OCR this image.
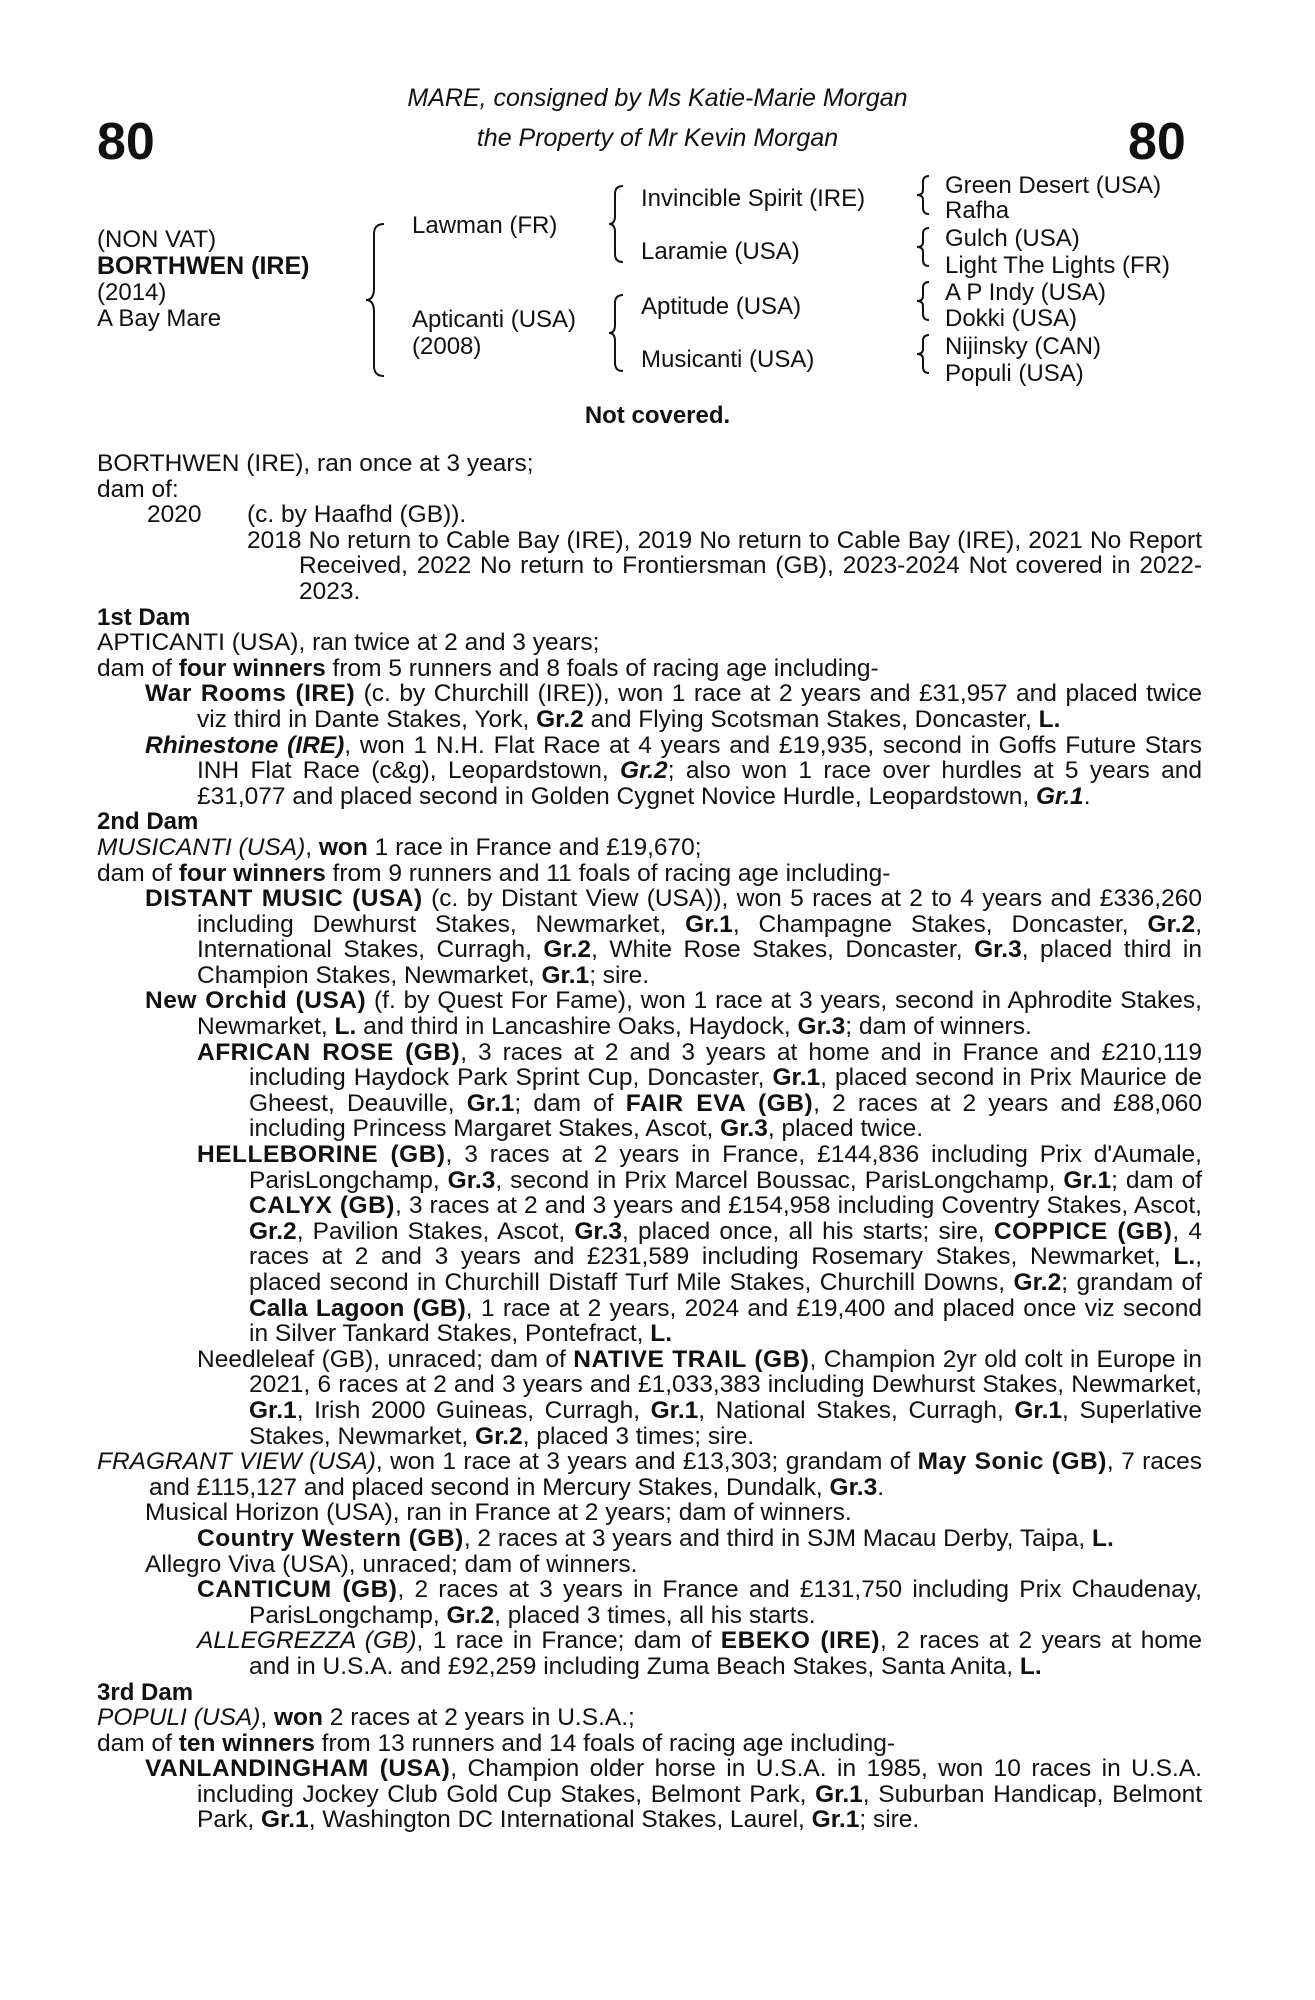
80	80
MARE, consigned by Ms Katie-Marie Morgan
the Property of Mr Kevin Morgan
(NON VAT)
BORTHWEN (IRE)
(2014)
A Bay Mare
Lawman (FR)
Apticanti (USA)
(2008)
Invincible Spirit (IRE)
Laramie (USA)
Aptitude (USA)
Musicanti (USA)
Green Desert (USA)
Rafha
Gulch (USA)
Light The Lights (FR)
A P Indy (USA)
Dokki (USA)
Nijinsky (CAN)
Populi (USA)
Not covered.

BORTHWEN (IRE), ran once at 3 years;

dam of:

2020	(c. by Haafhd (GB)).

2018 No return to Cable Bay (IRE), 2019 No return to Cable Bay (IRE), 2021 No Report Received, 2022 No return to Frontiersman (GB), 2023-2024 Not covered in 2022-2023.

1st Dam

APTICANTI (USA), ran twice at 2 and 3 years;

dam of four winners from 5 runners and 8 foals of racing age including-

War Rooms (IRE) (c. by Churchill (IRE)), won 1 race at 2 years and £31,957 and placed twice viz third in Dante Stakes, York, Gr.2 and Flying Scotsman Stakes, Doncaster, L.

Rhinestone (IRE), won 1 N.H. Flat Race at 4 years and £19,935, second in Goffs Future Stars INH Flat Race (c&g), Leopardstown, Gr.2; also won 1 race over hurdles at 5 years and £31,077 and placed second in Golden Cygnet Novice Hurdle, Leopardstown, Gr.1.

2nd Dam

MUSICANTI (USA), won 1 race in France and £19,670;

dam of four winners from 9 runners and 11 foals of racing age including-

DISTANT MUSIC (USA) (c. by Distant View (USA)), won 5 races at 2 to 4 years and £336,260 including Dewhurst Stakes, Newmarket, Gr.1, Champagne Stakes, Doncaster, Gr.2, International Stakes, Curragh, Gr.2, White Rose Stakes, Doncaster, Gr.3, placed third in Champion Stakes, Newmarket, Gr.1; sire.

New Orchid (USA) (f. by Quest For Fame), won 1 race at 3 years, second in Aphrodite Stakes, Newmarket, L. and third in Lancashire Oaks, Haydock, Gr.3; dam of winners.

AFRICAN ROSE (GB), 3 races at 2 and 3 years at home and in France and £210,119 including Haydock Park Sprint Cup, Doncaster, Gr.1, placed second in Prix Maurice de Gheest, Deauville, Gr.1; dam of FAIR EVA (GB), 2 races at 2 years and £88,060 including Princess Margaret Stakes, Ascot, Gr.3, placed twice.

HELLEBORINE (GB), 3 races at 2 years in France, £144,836 including Prix d'Aumale, ParisLongchamp, Gr.3, second in Prix Marcel Boussac, ParisLongchamp, Gr.1; dam of CALYX (GB), 3 races at 2 and 3 years and £154,958 including Coventry Stakes, Ascot, Gr.2, Pavilion Stakes, Ascot, Gr.3, placed once, all his starts; sire, COPPICE (GB), 4 races at 2 and 3 years and £231,589 including Rosemary Stakes, Newmarket, L., placed second in Churchill Distaff Turf Mile Stakes, Churchill Downs, Gr.2; grandam of Calla Lagoon (GB), 1 race at 2 years, 2024 and £19,400 and placed once viz second in Silver Tankard Stakes, Pontefract, L.

Needleleaf (GB), unraced; dam of NATIVE TRAIL (GB), Champion 2yr old colt in Europe in 2021, 6 races at 2 and 3 years and £1,033,383 including Dewhurst Stakes, Newmarket, Gr.1, Irish 2000 Guineas, Curragh, Gr.1, National Stakes, Curragh, Gr.1, Superlative Stakes, Newmarket, Gr.2, placed 3 times; sire.

FRAGRANT VIEW (USA), won 1 race at 3 years and £13,303; grandam of May Sonic (GB), 7 races and £115,127 and placed second in Mercury Stakes, Dundalk, Gr.3.

Musical Horizon (USA), ran in France at 2 years; dam of winners.

Country Western (GB), 2 races at 3 years and third in SJM Macau Derby, Taipa, L.

Allegro Viva (USA), unraced; dam of winners.

CANTICUM (GB), 2 races at 3 years in France and £131,750 including Prix Chaudenay, ParisLongchamp, Gr.2, placed 3 times, all his starts.

ALLEGREZZA (GB), 1 race in France; dam of EBEKO (IRE), 2 races at 2 years at home and in U.S.A. and £92,259 including Zuma Beach Stakes, Santa Anita, L.

3rd Dam

POPULI (USA), won 2 races at 2 years in U.S.A.;

dam of ten winners from 13 runners and 14 foals of racing age including-

VANLANDINGHAM (USA), Champion older horse in U.S.A. in 1985, won 10 races in U.S.A. including Jockey Club Gold Cup Stakes, Belmont Park, Gr.1, Suburban Handicap, Belmont Park, Gr.1, Washington DC International Stakes, Laurel, Gr.1; sire.
